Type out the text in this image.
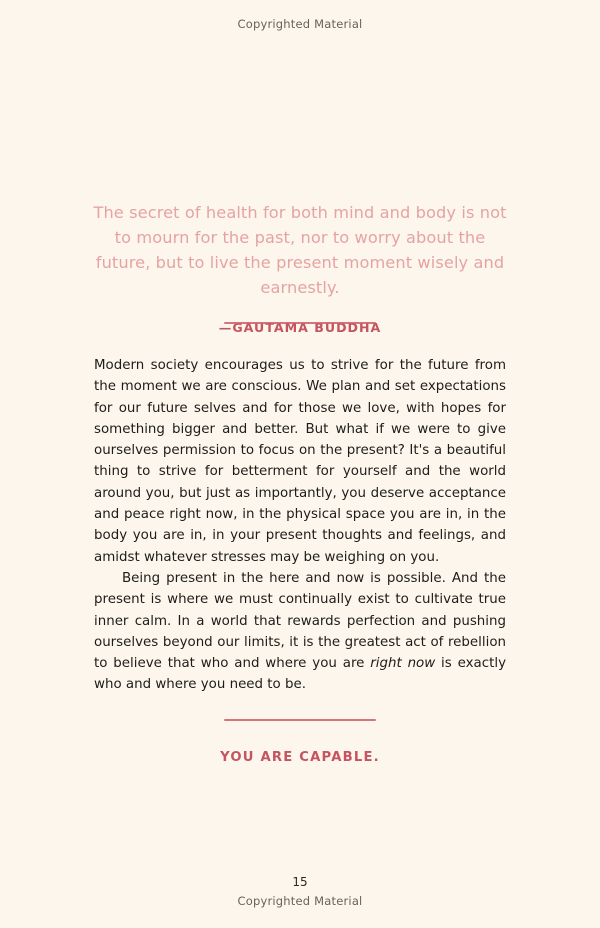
Copyrighted Material
The secret of health for both mind and body is not to mourn for the past, nor to worry about the future, but to live the present moment wisely and earnestly.
—GAUTAMA BUDDHA

Modern society encourages us to strive for the future from the moment we are conscious. We plan and set expectations for our future selves and for those we love, with hopes for something bigger and better. But what if we were to give ourselves permission to focus on the present? It's a beautiful thing to strive for betterment for yourself and the world around you, but just as importantly, you deserve acceptance and peace right now, in the physical space you are in, in the body you are in, in your present thoughts and feelings, and amidst whatever stresses may be weighing on you.

Being present in the here and now is possible. And the present is where we must continually exist to cultivate true inner calm. In a world that rewards perfection and pushing ourselves beyond our limits, it is the greatest act of rebellion to believe that who and where you are right now is exactly who and where you need to be.

YOU ARE CAPABLE.
15
Copyrighted Material
